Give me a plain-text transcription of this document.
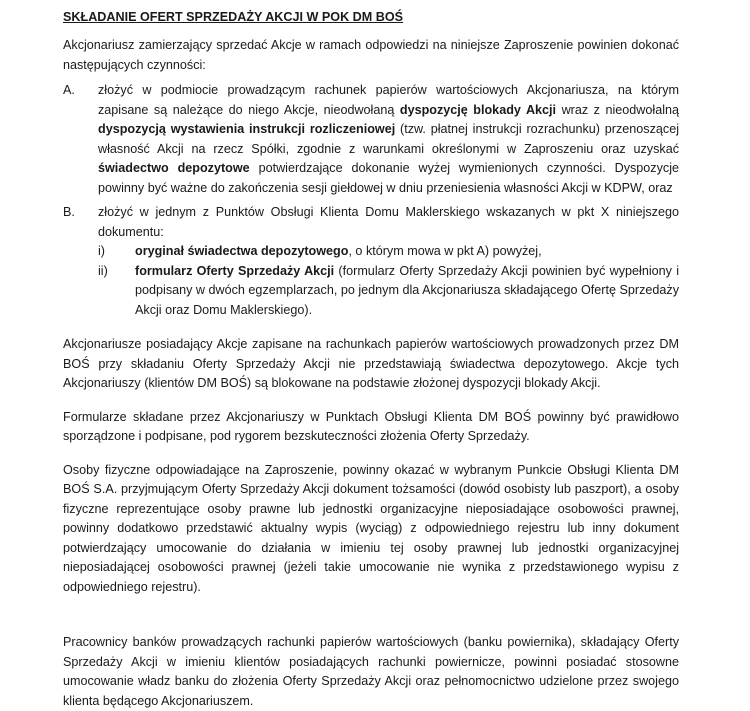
SKŁADANIE OFERT SPRZEDAŻY AKCJI W POK DM BOŚ

Akcjonariusz zamierzający sprzedać Akcje w ramach odpowiedzi na niniejsze Zaproszenie powinien dokonać następujących czynności:

A.	złożyć w podmiocie prowadzącym rachunek papierów wartościowych Akcjonariusza, na którym zapisane są należące do niego Akcje, nieodwołaną dyspozycję blokady Akcji wraz z nieodwołalną dyspozycją wystawienia instrukcji rozliczeniowej (tzw. płatnej instrukcji rozrachunku) przenoszącej własność Akcji na rzecz Spółki, zgodnie z warunkami określonymi w Zaproszeniu oraz uzyskać świadectwo depozytowe potwierdzające dokonanie wyżej wymienionych czynności. Dyspozycje powinny być ważne do zakończenia sesji giełdowej w dniu przeniesienia własności Akcji w KDPW, oraz
B.	złożyć w jednym z Punktów Obsługi Klienta Domu Maklerskiego wskazanych w pkt X niniejszego dokumentu:
i)	oryginał świadectwa depozytowego, o którym mowa w pkt A) powyżej,
ii)	formularz Oferty Sprzedaży Akcji (formularz Oferty Sprzedaży Akcji powinien być wypełniony i podpisany w dwóch egzemplarzach, po jednym dla Akcjonariusza składającego Ofertę Sprzedaży Akcji oraz Domu Maklerskiego).

Akcjonariusze posiadający Akcje zapisane na rachunkach papierów wartościowych prowadzonych przez DM BOŚ przy składaniu Oferty Sprzedaży Akcji nie przedstawiają świadectwa depozytowego. Akcje tych Akcjonariuszy (klientów DM BOŚ) są blokowane na podstawie złożonej dyspozycji blokady Akcji.

Formularze składane przez Akcjonariuszy w Punktach Obsługi Klienta DM BOŚ powinny być prawidłowo sporządzone i podpisane, pod rygorem bezskuteczności złożenia Oferty Sprzedaży.

Osoby fizyczne odpowiadające na Zaproszenie, powinny okazać w wybranym Punkcie Obsługi Klienta DM BOŚ S.A. przyjmującym Oferty Sprzedaży Akcji dokument tożsamości (dowód osobisty lub paszport), a osoby fizyczne reprezentujące osoby prawne lub jednostki organizacyjne nieposiadające osobowości prawnej, powinny dodatkowo przedstawić aktualny wypis (wyciąg) z odpowiedniego rejestru lub inny dokument potwierdzający umocowanie do działania w imieniu tej osoby prawnej lub jednostki organizacyjnej nieposiadającej osobowości prawnej (jeżeli takie umocowanie nie wynika z przedstawionego wypisu z odpowiedniego rejestru).

Pracownicy banków prowadzących rachunki papierów wartościowych (banku powiernika), składający Oferty Sprzedaży Akcji w imieniu klientów posiadających rachunki powiernicze, powinni posiadać stosowne umocowanie władz banku do złożenia Oferty Sprzedaży Akcji oraz pełnomocnictwo udzielone przez swojego klienta będącego Akcjonariuszem.
